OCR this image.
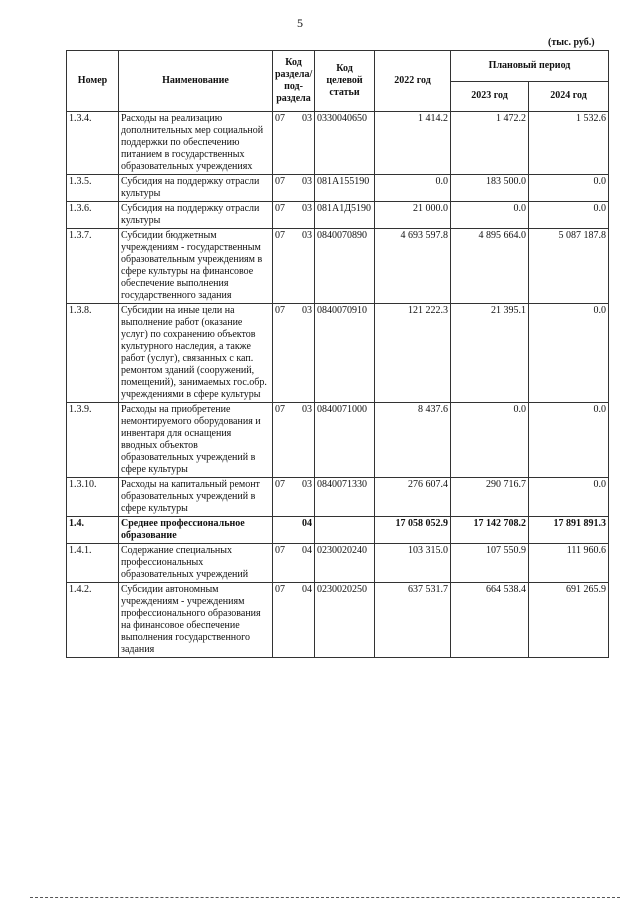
5
(тыс. руб.)
Номер	Наименование	Код раздела/ под-раздела	Код целевой статьи	2022 год	Плановый период	
					2023 год	2024 год
1.3.4.	Расходы на реализацию дополнительных мер социальной поддержки по обеспечению питанием в государственных образовательных учреждениях	07 03	0330040650	1 414.2	1 472.2	1 532.6
1.3.5.	Субсидия на поддержку отрасли культуры	07 03	081А155190	0.0	183 500.0	0.0
1.3.6.	Субсидия на поддержку отрасли культуры	07 03	081А1Д5190	21 000.0	0.0	0.0
1.3.7.	Субсидии бюджетным учреждениям - государственным образовательным учреждениям в сфере культуры на финансовое обеспечение выполнения государственного задания	07 03	0840070890	4 693 597.8	4 895 664.0	5 087 187.8
1.3.8.	Субсидии на иные цели на выполнение работ (оказание услуг) по сохранению объектов культурного наследия, а также работ (услуг), связанных с кап. ремонтом зданий (сооружений, помещений), занимаемых гос.обр. учреждениями в сфере культуры	07 03	0840070910	121 222.3	21 395.1	0.0
1.3.9.	Расходы на приобретение немонтируемого оборудования и инвентаря для оснащения вводных объектов образовательных учреждений в сфере культуры	07 03	0840071000	8 437.6	0.0	0.0
1.3.10.	Расходы на капитальный ремонт образовательных учреждений в сфере культуры	07 03	0840071330	276 607.4	290 716.7	0.0
1.4.	Среднее профессиональное образование	04		17 058 052.9	17 142 708.2	17 891 891.3
1.4.1.	Содержание специальных профессиональных образовательных учреждений	07 04	0230020240	103 315.0	107 550.9	111 960.6
1.4.2.	Субсидии автономным учреждениям - учреждениям профессионального образования на финансовое обеспечение выполнения государственного задания	07 04	0230020250	637 531.7	664 538.4	691 265.9
